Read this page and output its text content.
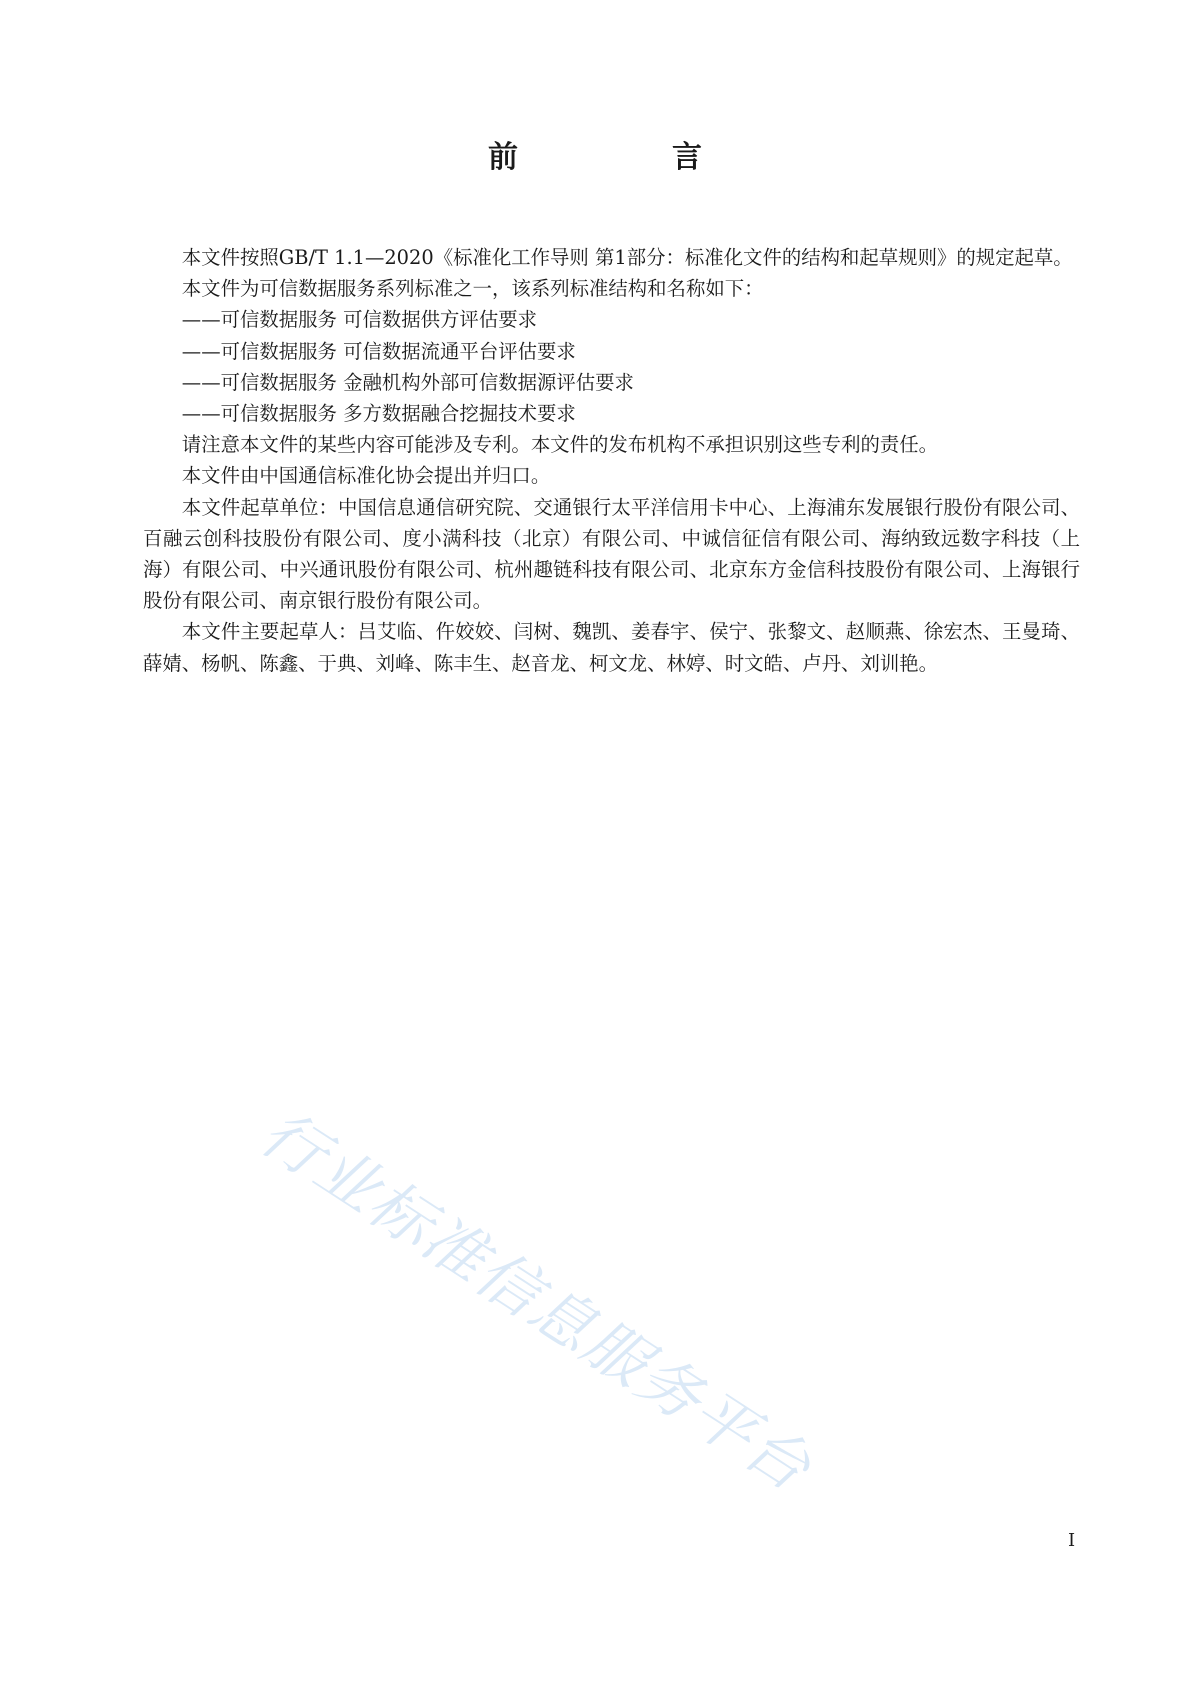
前　言

本文件按照GB/T 1.1—2020《标准化工作导则 第1部分：标准化文件的结构和起草规则》的规定起草。

本文件为可信数据服务系列标准之一，该系列标准结构和名称如下：

——可信数据服务 可信数据供方评估要求

——可信数据服务 可信数据流通平台评估要求

——可信数据服务 金融机构外部可信数据源评估要求

——可信数据服务 多方数据融合挖掘技术要求

请注意本文件的某些内容可能涉及专利。本文件的发布机构不承担识别这些专利的责任。

本文件由中国通信标准化协会提出并归口。

本文件起草单位：中国信息通信研究院、交通银行太平洋信用卡中心、上海浦东发展银行股份有限公司、百融云创科技股份有限公司、度小满科技（北京）有限公司、中诚信征信有限公司、海纳致远数字科技（上海）有限公司、中兴通讯股份有限公司、杭州趣链科技有限公司、北京东方金信科技股份有限公司、上海银行股份有限公司、南京银行股份有限公司。

本文件主要起草人：吕艾临、仵姣姣、闫树、魏凯、姜春宇、侯宁、张黎文、赵顺燕、徐宏杰、王曼琦、薛婧、杨帆、陈鑫、于典、刘峰、陈丰生、赵音龙、柯文龙、林婷、时文皓、卢丹、刘训艳。

行业标准信息服务平台
I
